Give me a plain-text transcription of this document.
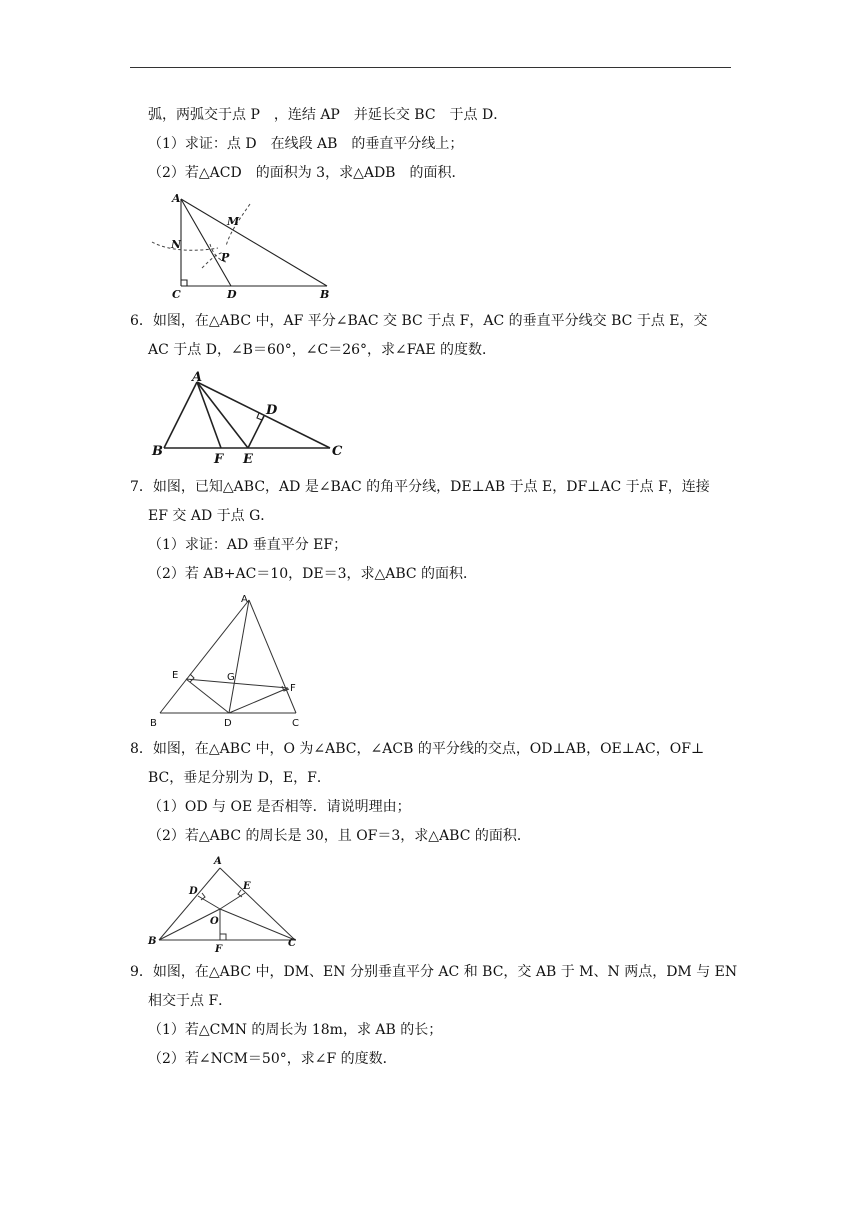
弧，两弧交于点 P　，连结 AP　并延长交 BC　于点 D．
（1）求证：点 D　在线段 AB　的垂直平分线上；
（2）若△ACD　的面积为 3，求△ADB　的面积．
6．如图，在△ABC 中，AF 平分∠BAC 交 BC 于点 F，AC 的垂直平分线交 BC 于点 E，交
AC 于点 D，∠B＝60°，∠C＝26°，求∠FAE 的度数．
7．如图，已知△ABC，AD 是∠BAC 的角平分线，DE⊥AB 于点 E，DF⊥AC 于点 F，连接
EF 交 AD 于点 G．
（1）求证：AD 垂直平分 EF；
（2）若 AB+AC＝10，DE＝3，求△ABC 的面积．
8．如图，在△ABC 中，O 为∠ABC，∠ACB 的平分线的交点，OD⊥AB，OE⊥AC，OF⊥
BC，垂足分别为 D，E，F．
（1）OD 与 OE 是否相等．请说明理由；
（2）若△ABC 的周长是 30，且 OF＝3，求△ABC 的面积．
9．如图，在△ABC 中，DM、EN 分别垂直平分 AC 和 BC，交 AB 于 M、N 两点，DM 与 EN
相交于点 F．
（1）若△CMN 的周长为 18m，求 AB 的长；
（2）若∠NCM＝50°，求∠F 的度数．
A
M
N
P
C	D	B
A
D
B
F E
C
A
E	G
F
B	D	C
A
D	E
O
B
F
C
